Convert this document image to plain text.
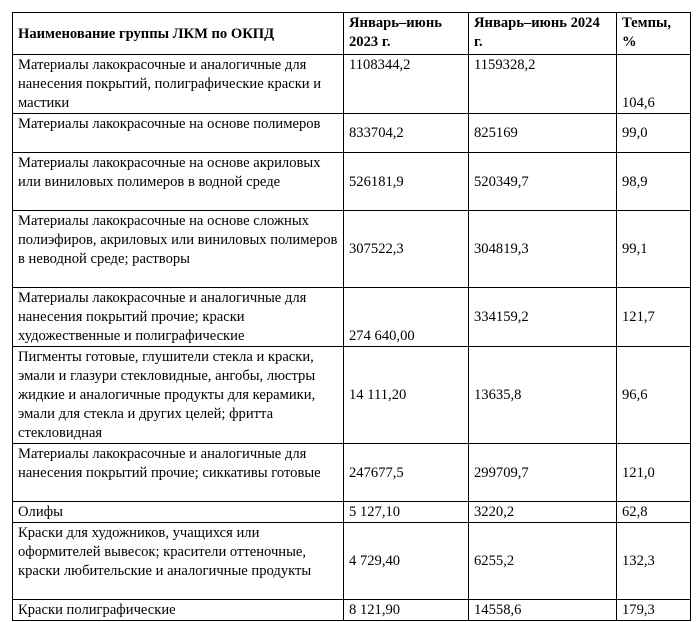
Наименование группы ЛКМ по ОКПД	Январь–июнь 2023 г.	Январь–июнь 2024 г.	Темпы, %
Материалы лакокрасочные и аналогичные для нанесения покрытий, полиграфические краски и мастики	1108344,2	1159328,2	104,6
Материалы лакокрасочные на основе полимеров	833704,2	825169	99,0
Материалы лакокрасочные на основе акриловых или виниловых полимеров в водной среде	526181,9	520349,7	98,9
Материалы лакокрасочные на основе сложных полиэфиров, акриловых или виниловых полимеров в неводной среде; растворы	307522,3	304819,3	99,1
Материалы лакокрасочные и аналогичные для нанесения покрытий прочие; краски художественные и полиграфические	274 640,00	334159,2	121,7
Пигменты готовые, глушители стекла и краски, эмали и глазури стекловидные, ангобы, люстры жидкие и аналогичные продукты для керамики, эмали для стекла и других целей; фритта стекловидная	14 111,20	13635,8	96,6
Материалы лакокрасочные и аналогичные для нанесения покрытий прочие; сиккативы готовые	247677,5	299709,7	121,0
Олифы	5 127,10	3220,2	62,8
Краски для художников, учащихся или оформителей вывесок; красители оттеночные, краски любительские и аналогичные продукты	4 729,40	6255,2	132,3
Краски полиграфические	8 121,90	14558,6	179,3
